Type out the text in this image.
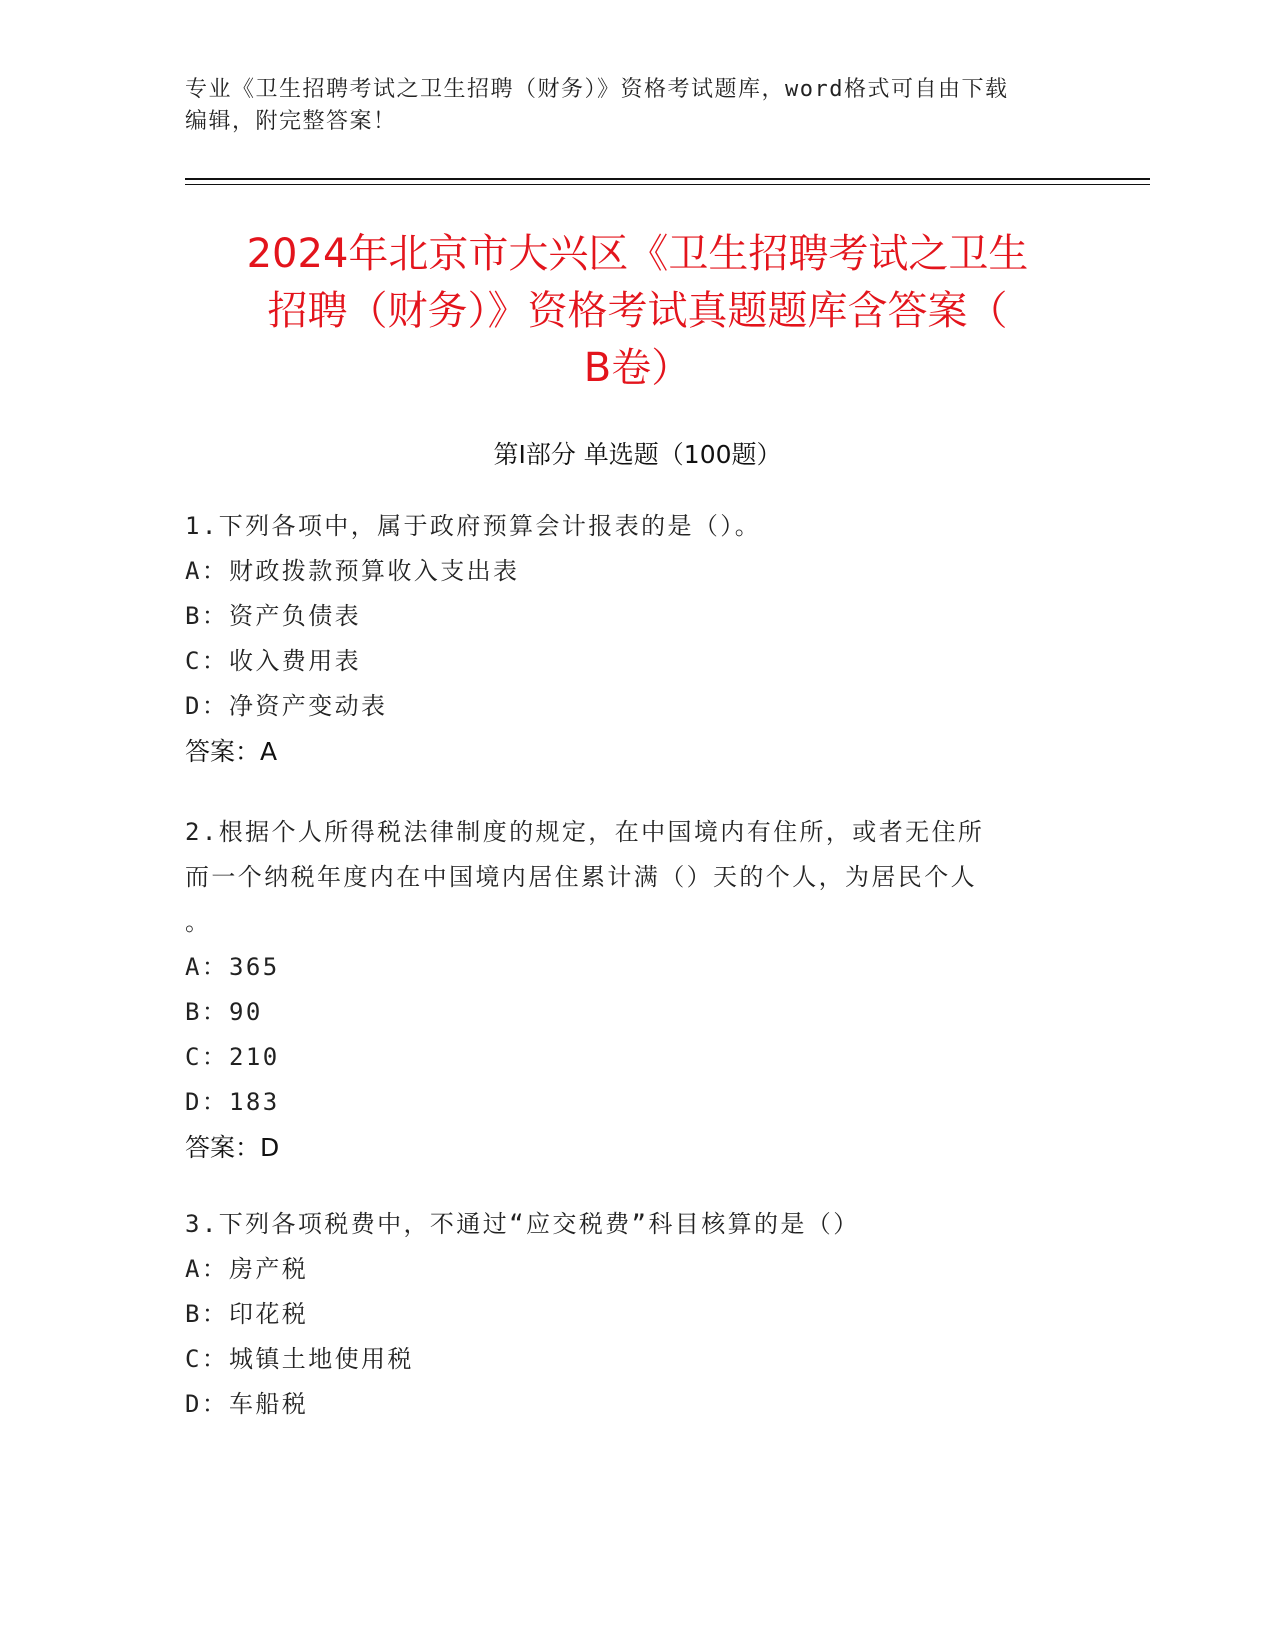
专业《卫生招聘考试之卫生招聘（财务）》资格考试题库，word格式可自由下载
编辑，附完整答案！
2024年北京市大兴区《卫生招聘考试之卫生
招聘（财务）》资格考试真题题库含答案（
B卷）
第Ⅰ部分 单选题（100题）
1.下列各项中，属于政府预算会计报表的是（）。
A：财政拨款预算收入支出表
B：资产负债表
C：收入费用表
D：净资产变动表
答案：A
2.根据个人所得税法律制度的规定，在中国境内有住所，或者无住所
而一个纳税年度内在中国境内居住累计满（）天的个人，为居民个人
。
A：365
B：90
C：210
D：183
答案：D
3.下列各项税费中，不通过“应交税费”科目核算的是（）
A：房产税
B：印花税
C：城镇土地使用税
D：车船税
